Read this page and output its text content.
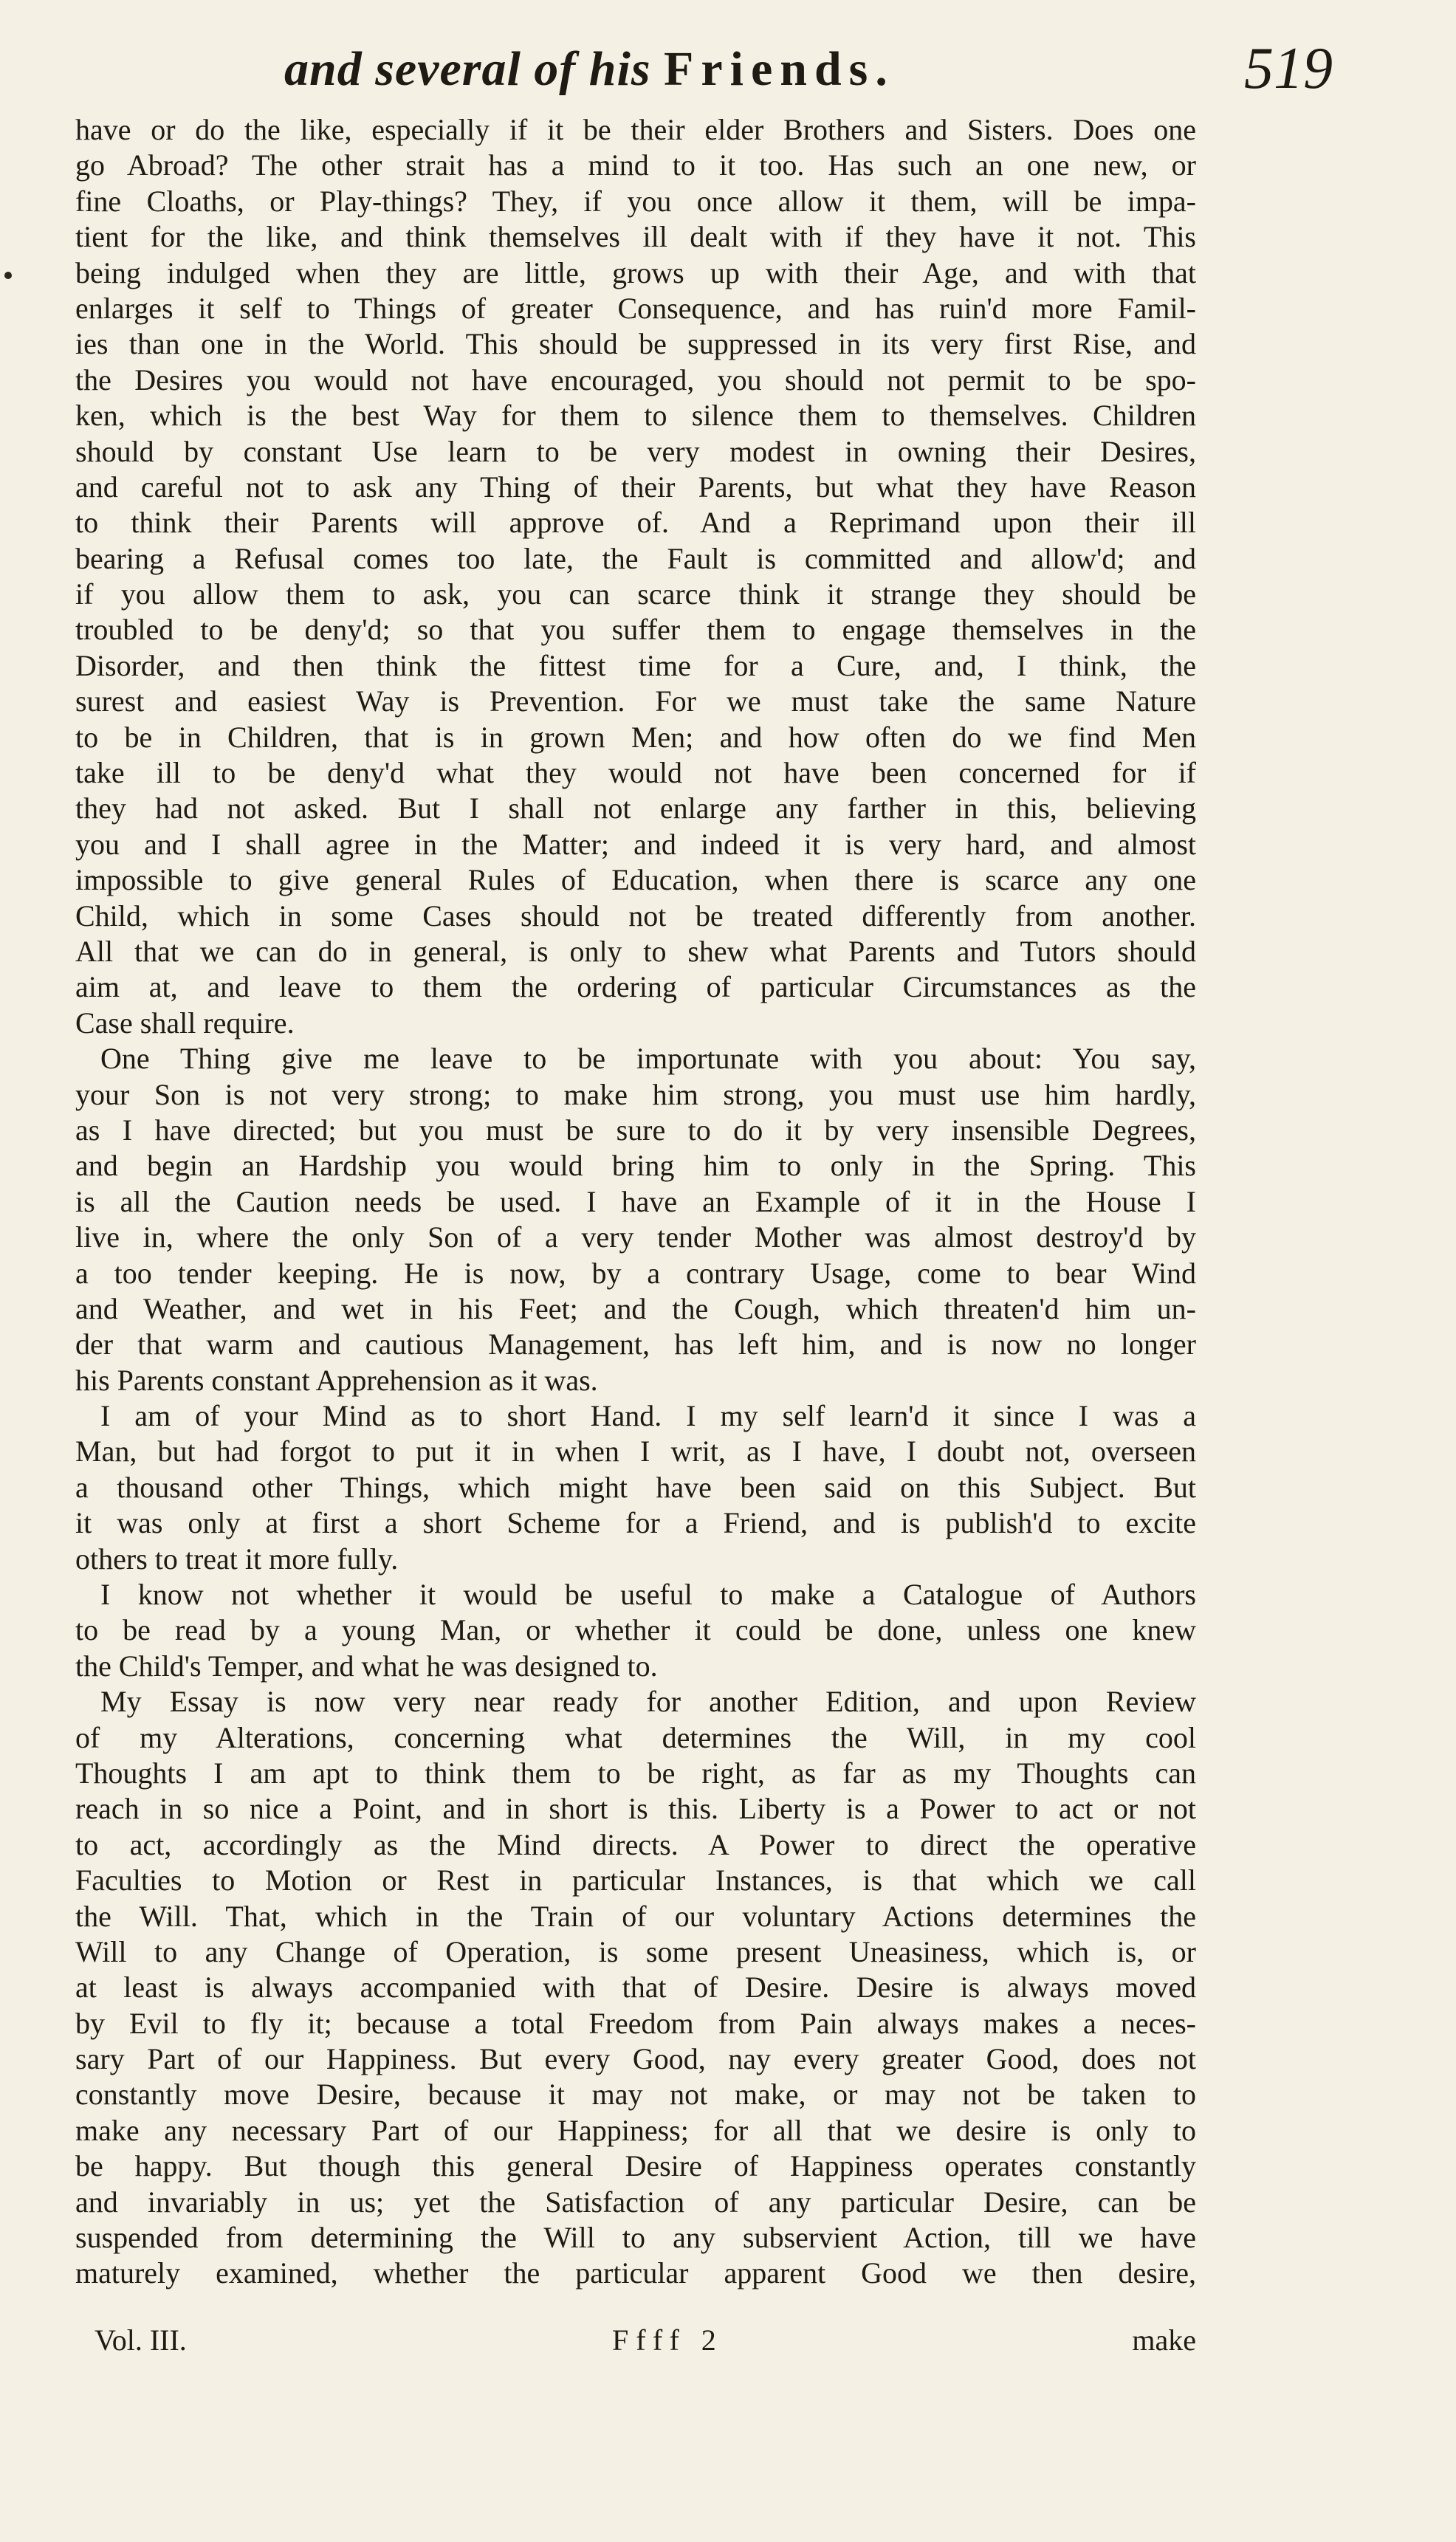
and several of his Friends.	519
have or do the like, especially if it be their elder Brothers and Sisters. Does one
go Abroad? The other strait has a mind to it too. Has such an one new, or
fine Cloaths, or Play-things? They, if you once allow it them, will be impa-
tient for the like, and think themselves ill dealt with if they have it not. This
being indulged when they are little, grows up with their Age, and with that
enlarges it self to Things of greater Consequence, and has ruin'd more Famil-
ies than one in the World. This should be suppressed in its very first Rise, and
the Desires you would not have encouraged, you should not permit to be spo-
ken, which is the best Way for them to silence them to themselves. Children
should by constant Use learn to be very modest in owning their Desires,
and careful not to ask any Thing of their Parents, but what they have Reason
to think their Parents will approve of. And a Reprimand upon their ill
bearing a Refusal comes too late, the Fault is committed and allow'd; and
if you allow them to ask, you can scarce think it strange they should be
troubled to be deny'd; so that you suffer them to engage themselves in the
Disorder, and then think the fittest time for a Cure, and, I think, the
surest and easiest Way is Prevention. For we must take the same Nature
to be in Children, that is in grown Men; and how often do we find Men
take ill to be deny'd what they would not have been concerned for if
they had not asked. But I shall not enlarge any farther in this, believing
you and I shall agree in the Matter; and indeed it is very hard, and almost
impossible to give general Rules of Education, when there is scarce any one
Child, which in some Cases should not be treated differently from another.
All that we can do in general, is only to shew what Parents and Tutors should
aim at, and leave to them the ordering of particular Circumstances as the
Case shall require.
One Thing give me leave to be importunate with you about: You say,
your Son is not very strong; to make him strong, you must use him hardly,
as I have directed; but you must be sure to do it by very insensible Degrees,
and begin an Hardship you would bring him to only in the Spring. This
is all the Caution needs be used. I have an Example of it in the House I
live in, where the only Son of a very tender Mother was almost destroy'd by
a too tender keeping. He is now, by a contrary Usage, come to bear Wind
and Weather, and wet in his Feet; and the Cough, which threaten'd him un-
der that warm and cautious Management, has left him, and is now no longer
his Parents constant Apprehension as it was.
I am of your Mind as to short Hand. I my self learn'd it since I was a
Man, but had forgot to put it in when I writ, as I have, I doubt not, overseen
a thousand other Things, which might have been said on this Subject. But
it was only at first a short Scheme for a Friend, and is publish'd to excite
others to treat it more fully.
I know not whether it would be useful to make a Catalogue of Authors
to be read by a young Man, or whether it could be done, unless one knew
the Child's Temper, and what he was designed to.
My Essay is now very near ready for another Edition, and upon Review
of my Alterations, concerning what determines the Will, in my cool
Thoughts I am apt to think them to be right, as far as my Thoughts can
reach in so nice a Point, and in short is this. Liberty is a Power to act or not
to act, accordingly as the Mind directs. A Power to direct the operative
Faculties to Motion or Rest in particular Instances, is that which we call
the Will. That, which in the Train of our voluntary Actions determines the
Will to any Change of Operation, is some present Uneasiness, which is, or
at least is always accompanied with that of Desire. Desire is always moved
by Evil to fly it; because a total Freedom from Pain always makes a neces-
sary Part of our Happiness. But every Good, nay every greater Good, does not
constantly move Desire, because it may not make, or may not be taken to
make any necessary Part of our Happiness; for all that we desire is only to
be happy. But though this general Desire of Happiness operates constantly
and invariably in us; yet the Satisfaction of any particular Desire, can be
suspended from determining the Will to any subservient Action, till we have
maturely examined, whether the particular apparent Good we then desire,
Vol. III.	Ffff 2	make
